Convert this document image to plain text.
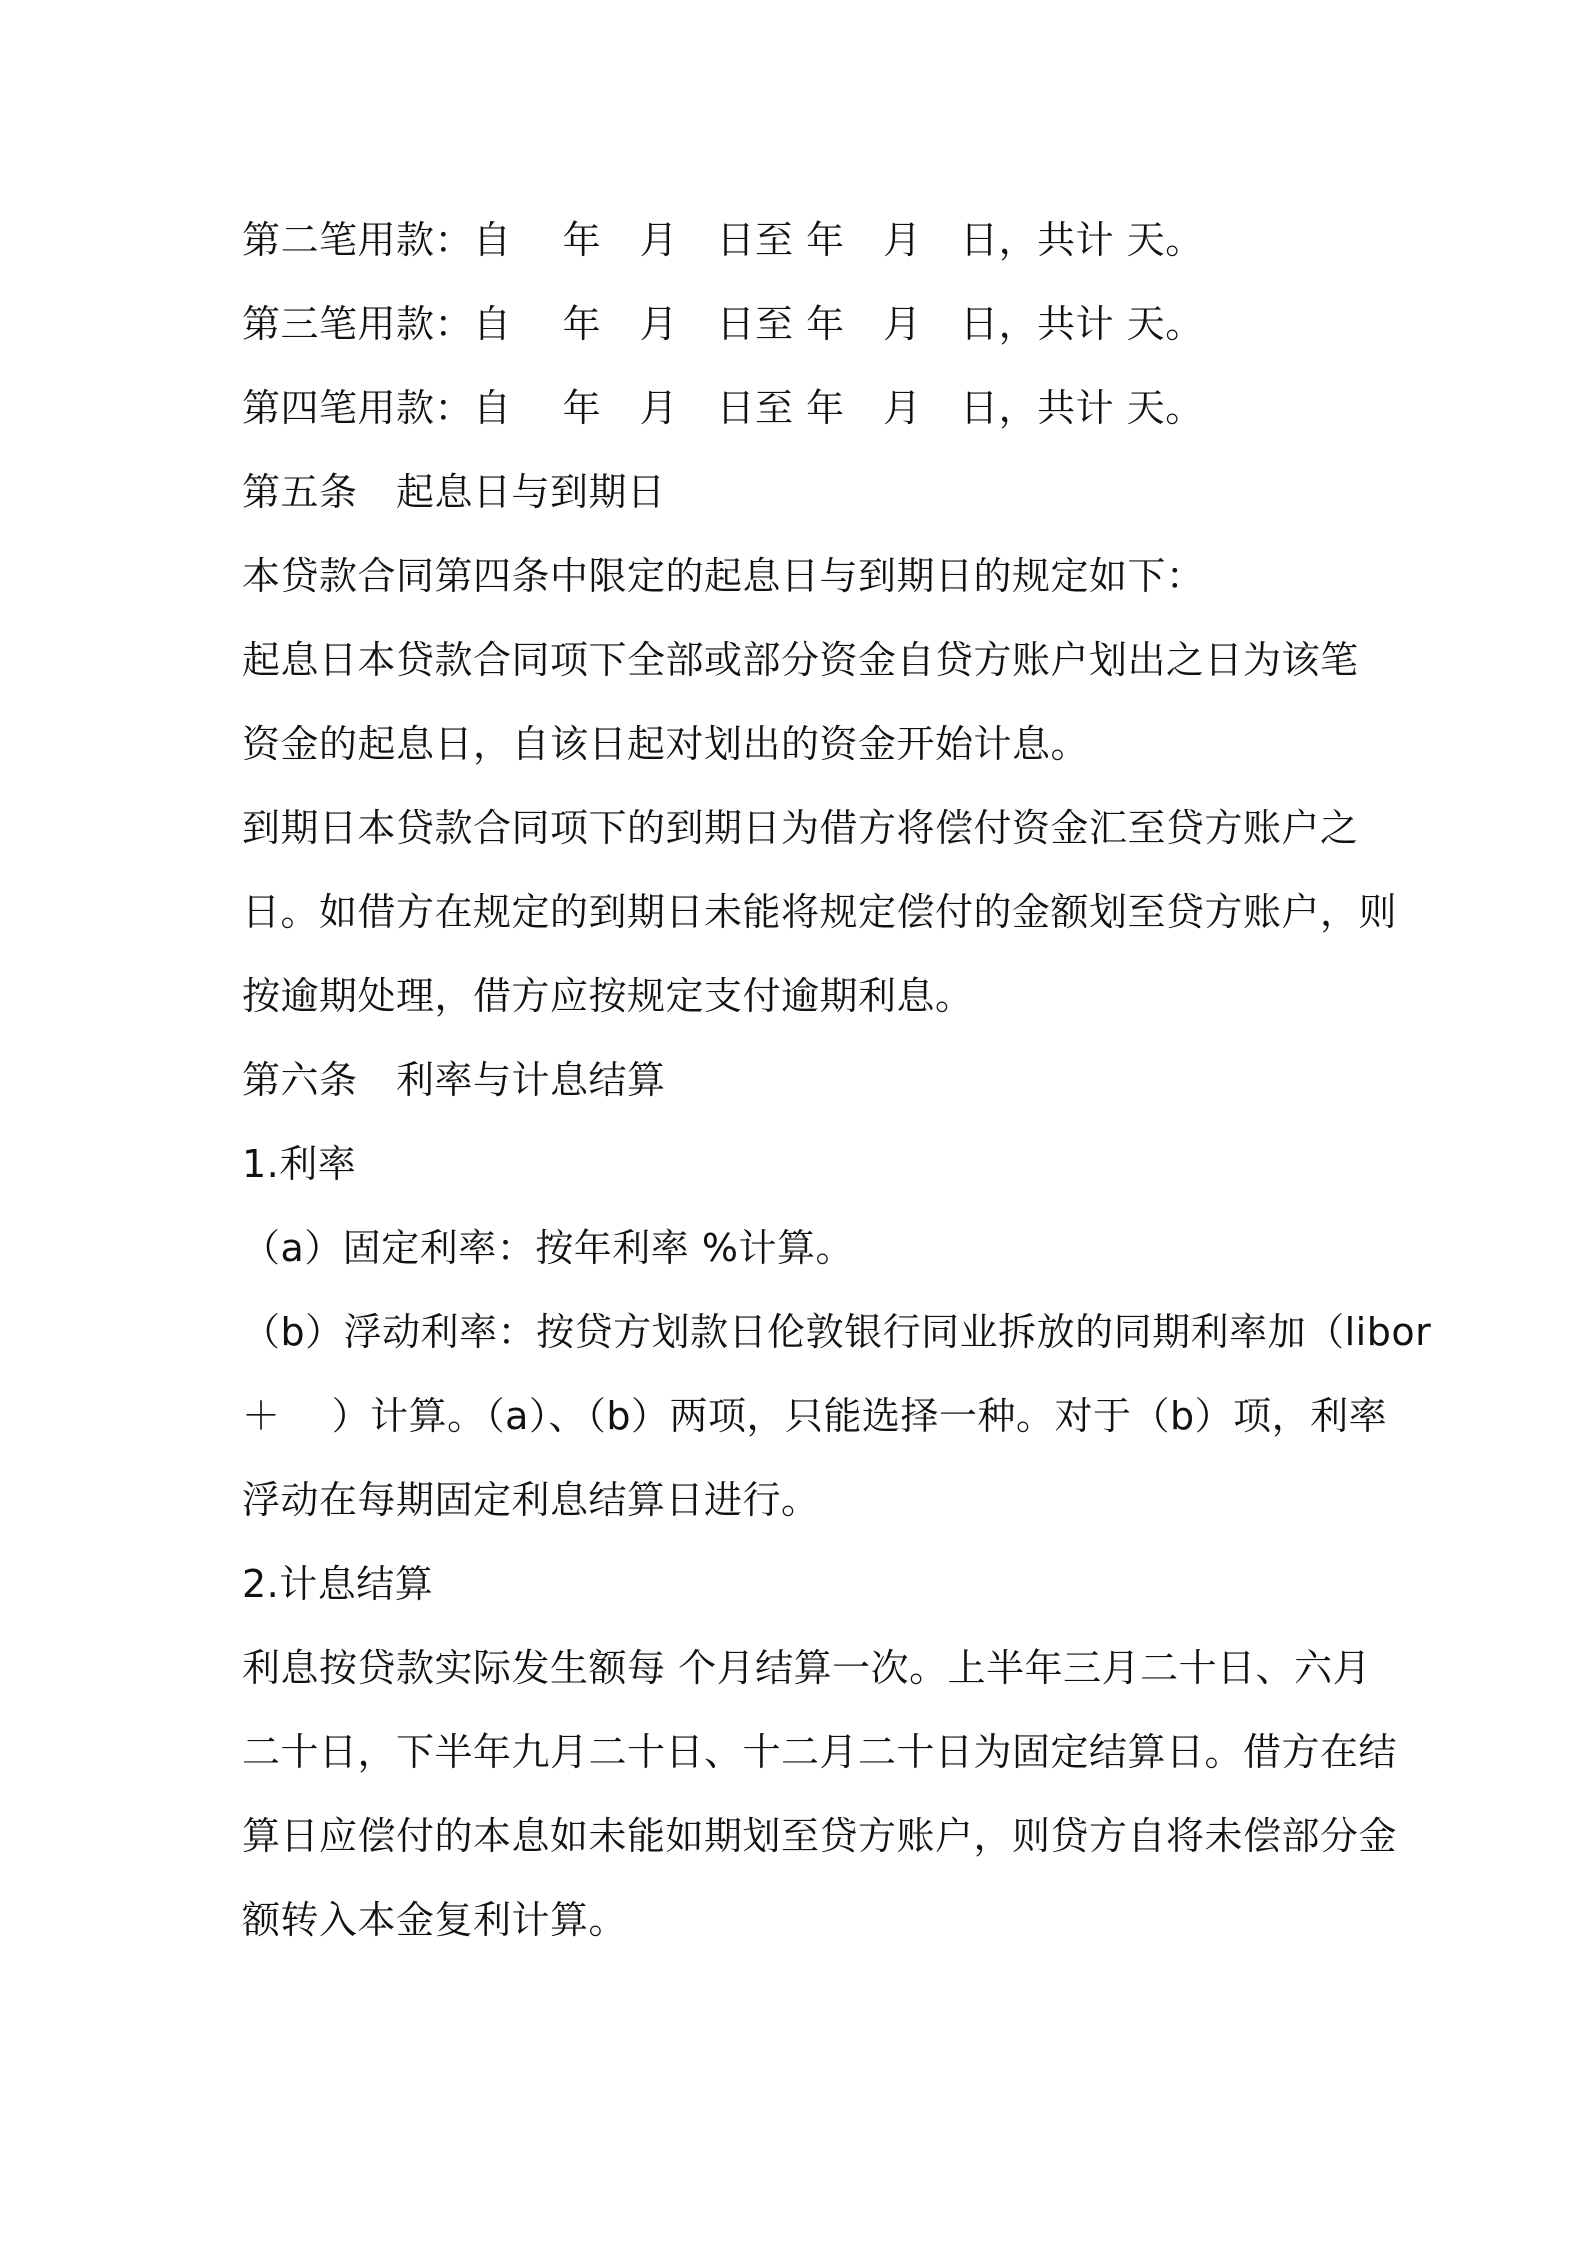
第二笔用款：自　 年　月　日至 年　月　日，共计 天。
第三笔用款：自　 年　月　日至 年　月　日，共计 天。
第四笔用款：自　 年　月　日至 年　月　日，共计 天。
第五条　起息日与到期日
本贷款合同第四条中限定的起息日与到期日的规定如下：
起息日本贷款合同项下全部或部分资金自贷方账户划出之日为该笔
资金的起息日，自该日起对划出的资金开始计息。
到期日本贷款合同项下的到期日为借方将偿付资金汇至贷方账户之
日。如借方在规定的到期日未能将规定偿付的金额划至贷方账户，则
按逾期处理，借方应按规定支付逾期利息。
第六条　利率与计息结算
1.利率
（a）固定利率：按年利率 %计算。
（b）浮动利率：按贷方划款日伦敦银行同业拆放的同期利率加（libor
＋　 ）计算。（a）、（b）两项，只能选择一种。对于（b）项，利率
浮动在每期固定利息结算日进行。
2.计息结算
利息按贷款实际发生额每 个月结算一次。上半年三月二十日、六月
二十日，下半年九月二十日、十二月二十日为固定结算日。借方在结
算日应偿付的本息如未能如期划至贷方账户，则贷方自将未偿部分金
额转入本金复利计算。
